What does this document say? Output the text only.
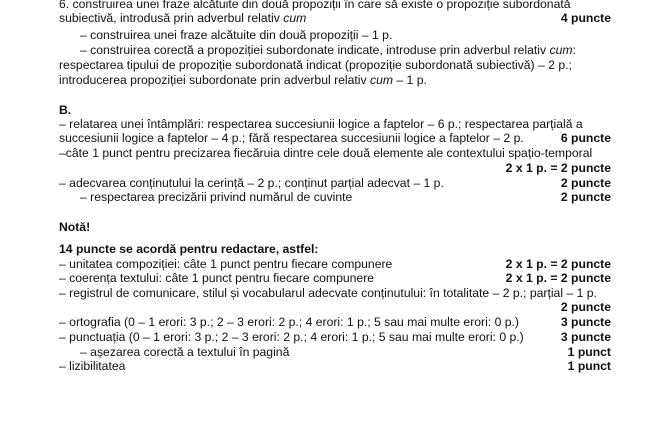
6. construirea unei fraze alcătuite din două propoziții în care să existe o propoziție subordonată
subiectivă, introdusă prin adverbul relativ cum	4 puncte
– construirea unei fraze alcătuite din două propoziții – 1 p.
– construirea corectă a propoziției subordonate indicate, introduse prin adverbul relativ cum:
respectarea tipului de propoziție subordonată indicat (propoziție subordonată subiectivă) – 2 p.;
introducerea propoziției subordonate prin adverbul relativ cum – 1 p.
B.
– relatarea unei întâmplări: respectarea succesiunii logice a faptelor – 6 p.; respectarea parțială a
succesiunii logice a faptelor – 4 p.; fără respectarea succesiunii logice a faptelor – 2 p.	6 puncte
–câte 1 punct pentru precizarea fiecăruia dintre cele două elemente ale contextului spațio-temporal
2 x 1 p. = 2 puncte
– adecvarea conținutului la cerință – 2 p.; conținut parțial adecvat – 1 p.	2 puncte
– respectarea precizării privind numărul de cuvinte	2 puncte
Notă!
14 puncte se acordă pentru redactare, astfel:
– unitatea compoziției: câte 1 punct pentru fiecare compunere	2 x 1 p. = 2 puncte
– coerența textului: câte 1 punct pentru fiecare compunere	2 x 1 p. = 2 puncte
– registrul de comunicare, stilul și vocabularul adecvate conținutului: în totalitate – 2 p.; parțial – 1 p.
2 puncte
– ortografia (0 – 1 erori: 3 p.; 2 – 3 erori: 2 p.; 4 erori: 1 p.; 5 sau mai multe erori: 0 p.)	3 puncte
– punctuația (0 – 1 erori: 3 p.; 2 – 3 erori: 2 p.; 4 erori: 1 p.; 5 sau mai multe erori: 0 p.)	3 puncte
– așezarea corectă a textului în pagină	1 punct
– lizibilitatea	1 punct
